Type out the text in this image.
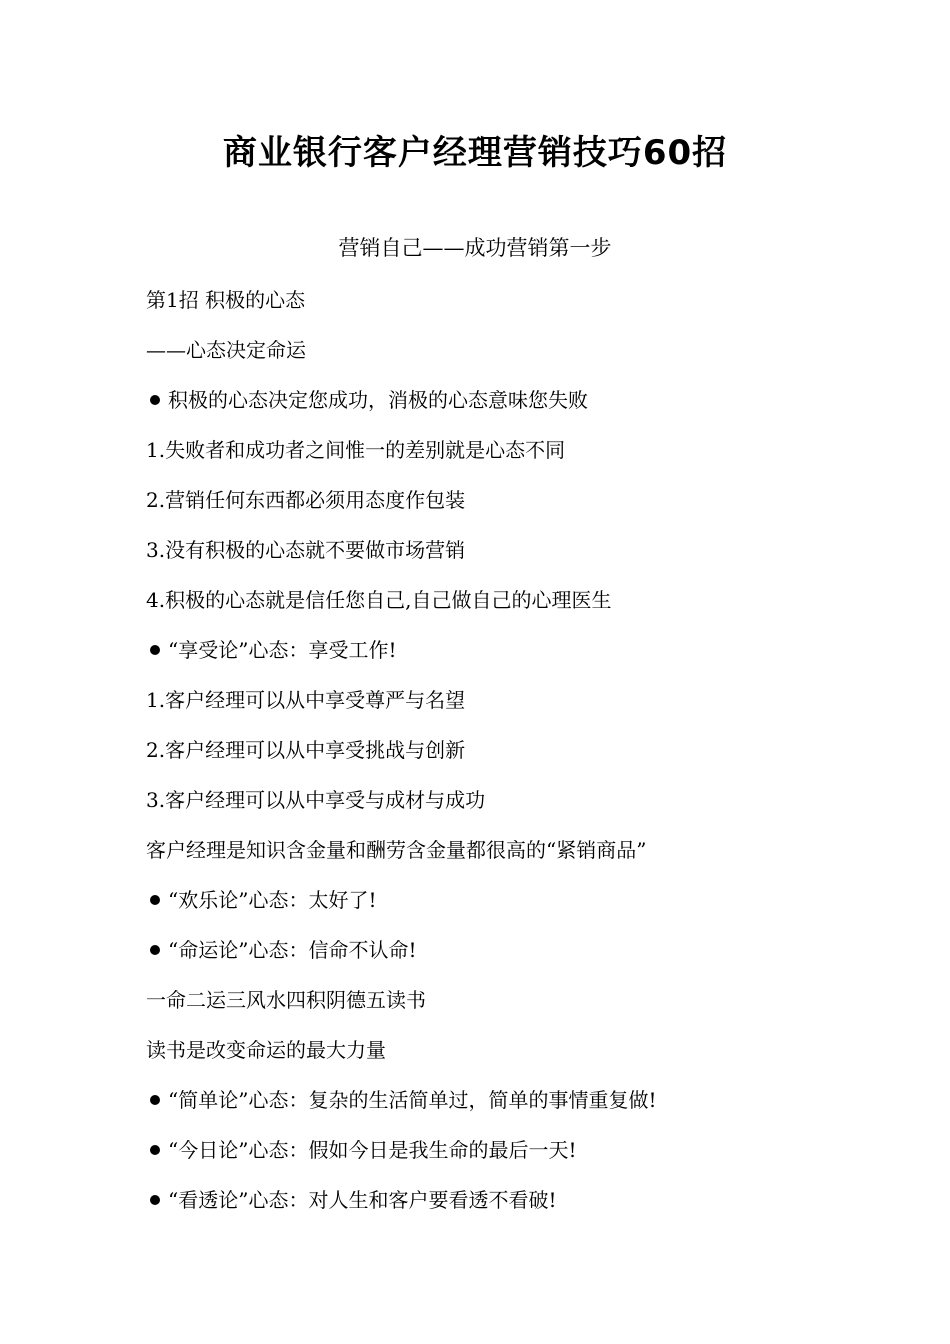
商业银行客户经理营销技巧60招
营销自己——成功营销第一步
第1招 积极的心态
——心态决定命运
积极的心态决定您成功，消极的心态意味您失败
1.失败者和成功者之间惟一的差别就是心态不同
2.营销任何东西都必须用态度作包装
3.没有积极的心态就不要做市场营销
4.积极的心态就是信任您自己,自己做自己的心理医生
“享受论”心态：享受工作!
1.客户经理可以从中享受尊严与名望
2.客户经理可以从中享受挑战与创新
3.客户经理可以从中享受与成材与成功
客户经理是知识含金量和酬劳含金量都很高的“紧销商品”
“欢乐论”心态：太好了!
“命运论”心态：信命不认命!
一命二运三风水四积阴德五读书
读书是改变命运的最大力量
“简单论”心态：复杂的生活简单过，简单的事情重复做!
“今日论”心态：假如今日是我生命的最后一天!
“看透论”心态：对人生和客户要看透不看破!
